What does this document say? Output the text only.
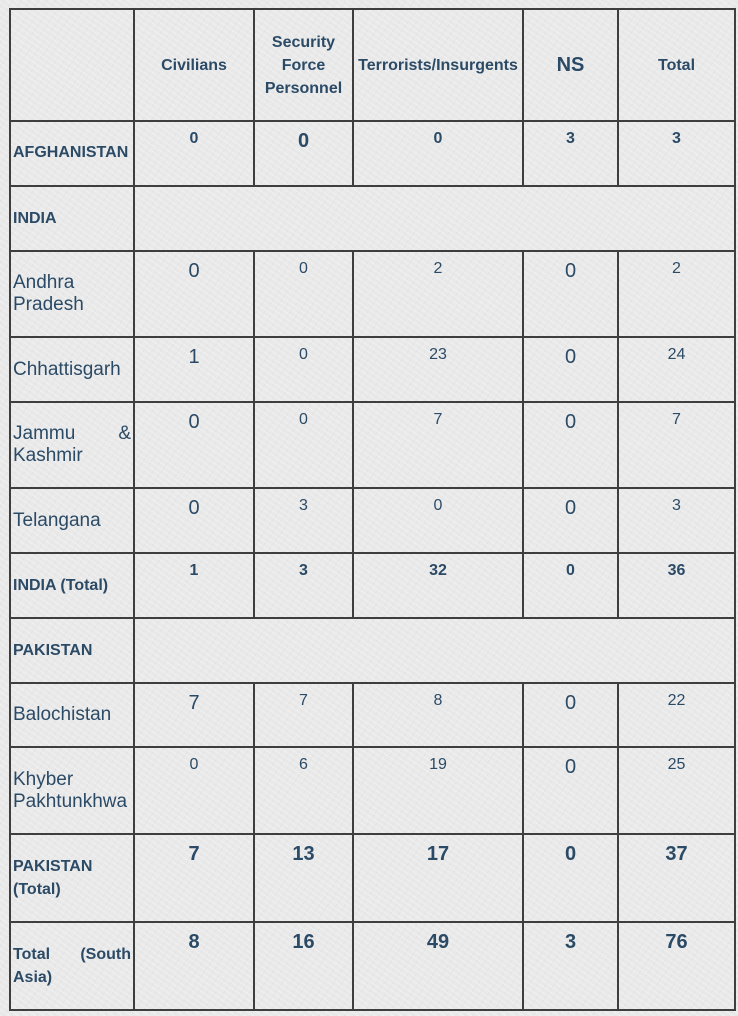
	Civilians	Security
Force
Personnel	Terrorists/Insurgents	NS	Total

AFGHANISTAN	0	0	0	3	3

INDIA					

Andhra Pradesh	0	0	2	0	2

Chhattisgarh	1	0	23	0	24

Jammu & Kashmir	0	0	7	0	7

Telangana	0	3	0	0	3

INDIA (Total)	1	3	32	0	36

PAKISTAN					

Balochistan	7	7	8	0	22

Khyber Pakhtunkhwa	0	6	19	0	25

PAKISTAN (Total)	7	13	17	0	37

Total (South Asia)	8	16	49	3	76
